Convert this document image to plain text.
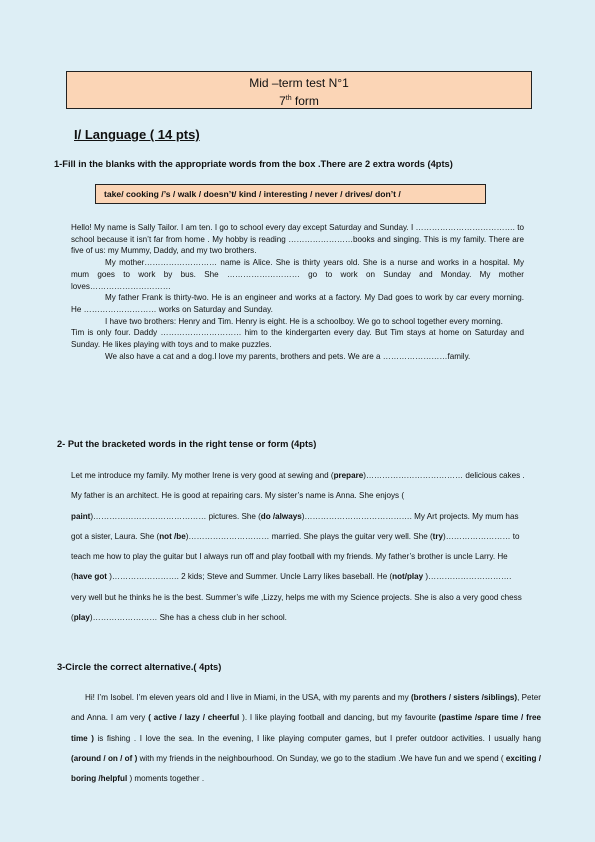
Mid –term test N°1
7th form
I/ Language ( 14 pts)
1-Fill in the blanks with the appropriate words from the box .There are 2 extra words (4pts)
take/ cooking /’s / walk / doesn’t/ kind / interesting / never / drives/ don’t /

Hello! My name is Sally Tailor. I am ten. I go to school every day except Saturday and Sunday. I ………………………………. to school because it isn’t far from home . My hobby is reading ……………………books and singing. This is my family. There are five of us: my Mummy, Daddy, and my two brothers.

My mother……………………… name is Alice. She is thirty years old. She is a nurse and works in a hospital. My mum goes to work by bus. She ……………………… go to work on Sunday and Monday. My mother loves…………………………

My father Frank is thirty-two. He is an engineer and works at a factory. My Dad goes to work by car every morning. He ……………………… works on Saturday and Sunday.

I have two brothers: Henry and Tim. Henry is eight. He is a schoolboy. We go to school together every morning.

Tim is only four. Daddy ………………………… him to the kindergarten every day. But Tim stays at home on Saturday and Sunday. He likes playing with toys and to make puzzles.

We also have a cat and a dog.I love my parents, brothers and pets. We are a ……………………family.

2- Put the bracketed words in the right tense or form (4pts)

Let me introduce my family. My mother Irene is very good at sewing and (prepare)……………………………… delicious cakes . My father is an architect. He is good at repairing cars. My sister’s name is Anna. She enjoys ( paint)…………………………………… pictures. She (do /always)…………………………………. My Art projects. My mum has got a sister, Laura. She (not /be)………………………… married. She plays the guitar very well. She (try)…………………… to teach me how to play the guitar but I always run off and play football with my friends. My father’s brother is uncle Larry. He (have got )……………………. 2 kids; Steve and Summer. Uncle Larry likes baseball. He (not/play )…………………………. very well but he thinks he is the best. Summer’s wife ,Lizzy, helps me with my Science projects. She is also a very good chess (play)…………………… She has a chess club in her school.

3-Circle the correct alternative.( 4pts)

Hi! I’m Isobel. I’m eleven years old and I live in Miami, in the USA, with my parents and my (brothers / sisters /siblings), Peter and Anna. I am very ( active / lazy / cheerful ). I like playing football and dancing, but my favourite (pastime /spare time / free time ) is fishing . I love the sea. In the evening, I like playing computer games, but I prefer outdoor activities. I usually hang (around / on / of ) with my friends in the neighbourhood. On Sunday, we go to the stadium .We have fun and we spend ( exciting / boring /helpful ) moments together .
